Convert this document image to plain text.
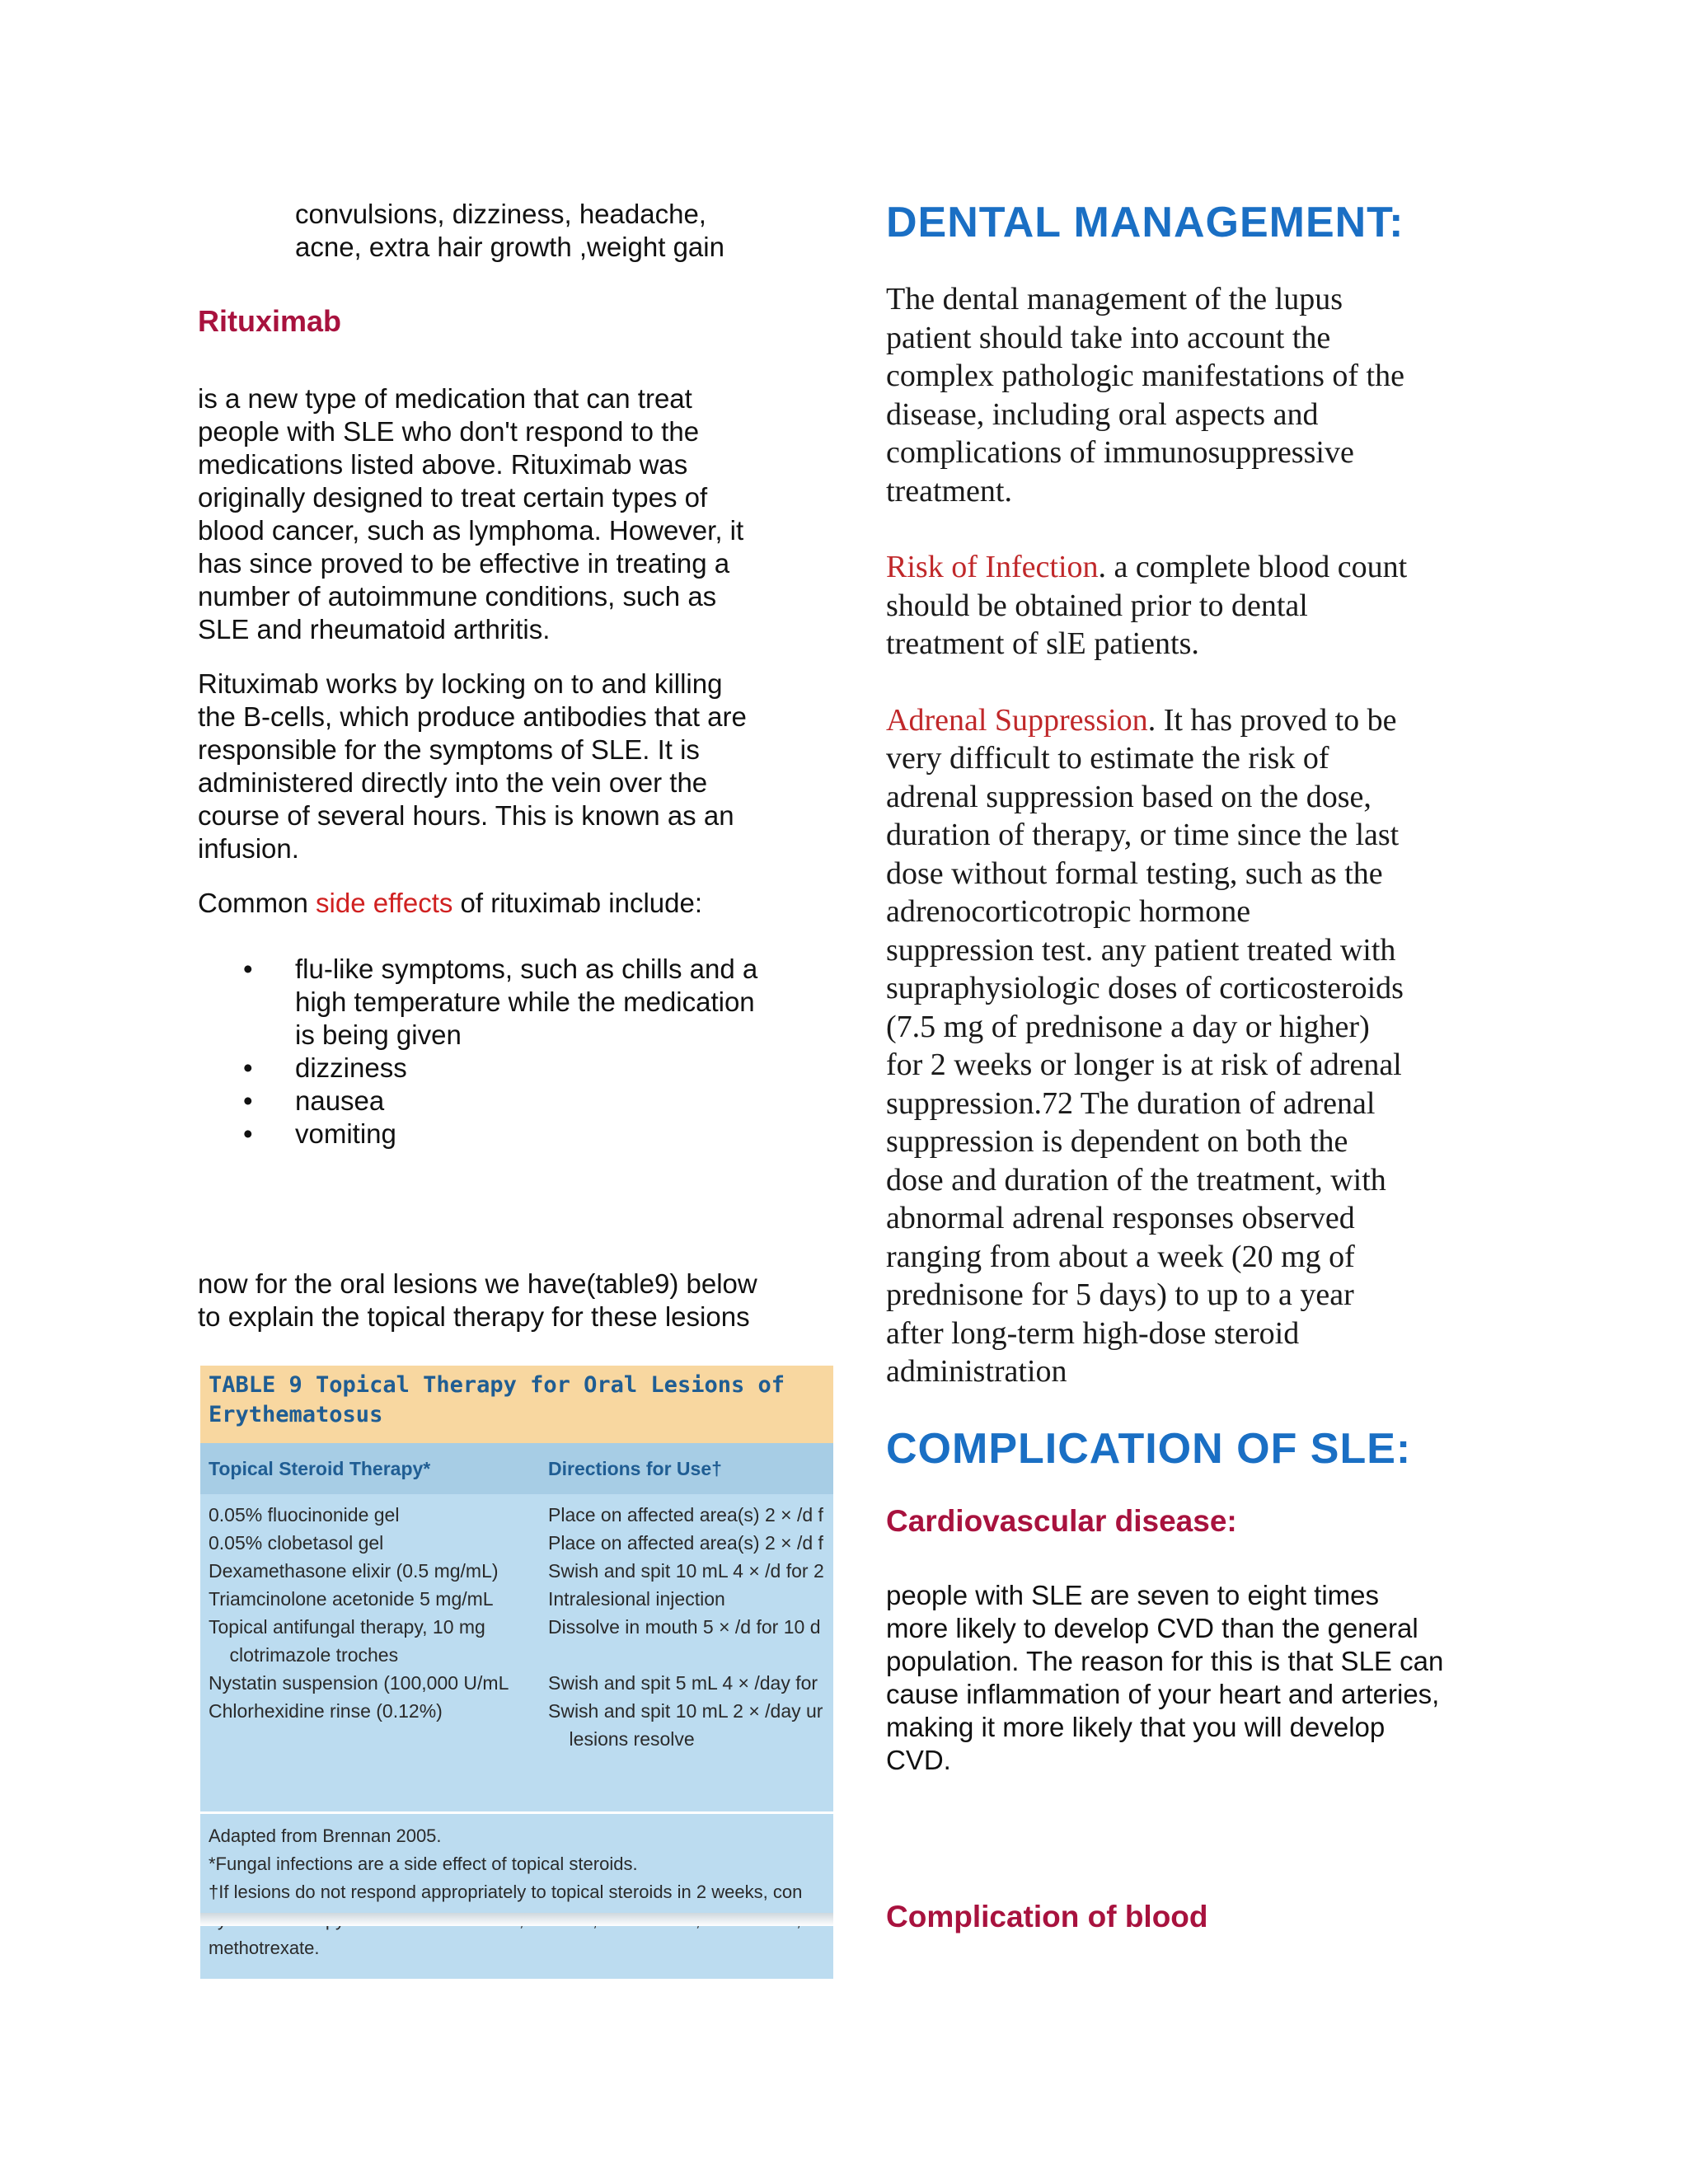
convulsions, dizziness, headache,
acne, extra hair growth ,weight gain
Rituximab
is a new type of medication that can treat
people with SLE who don't respond to the
medications listed above. Rituximab was
originally designed to treat certain types of
blood cancer, such as lymphoma. However, it
has since proved to be effective in treating a
number of autoimmune conditions, such as
SLE and rheumatoid arthritis.
Rituximab works by locking on to and killing
the B-cells, which produce antibodies that are
responsible for the symptoms of SLE. It is
administered directly into the vein over the
course of several hours. This is known as an
infusion.
Common side effects of rituximab include:
• flu-like symptoms, such as chills and a
high temperature while the medication
is being given
• dizziness
• nausea
• vomiting
now for the oral lesions we have(table9) below
to explain the topical therapy for these lesions
TABLE 9 Topical Therapy for Oral Lesions of
Erythematosus
Topical Steroid Therapy*	Directions for Use†
0.05% fluocinonide gel	Place on affected area(s) 2 × /d f
0.05% clobetasol gel	Place on affected area(s) 2 × /d f
Dexamethasone elixir (0.5 mg/mL)	Swish and spit 10 mL 4 × /d for 2
Triamcinolone acetonide 5 mg/mL	Intralesional injection
Topical antifungal therapy, 10 mg	Dissolve in mouth 5 × /d for 10 d
clotrimazole troches
Nystatin suspension (100,000 U/mL	Swish and spit 5 mL 4 × /day for
Chlorhexidine rinse (0.12%)	Swish and spit 10 mL 2 × /day ur
lesions resolve
Adapted from Brennan 2005.
*Fungal infections are a side effect of topical steroids.
†If lesions do not respond appropriately to topical steroids in 2 weeks, con
methotrexate.
DENTAL MANAGEMENT:
The dental management of the lupus
patient should take into account the
complex pathologic manifestations of the
disease, including oral aspects and
complications of immunosuppressive
treatment.
Risk of Infection. a complete blood count
should be obtained prior to dental
treatment of slE patients.
Adrenal Suppression. It has proved to be
very difficult to estimate the risk of
adrenal suppression based on the dose,
duration of therapy, or time since the last
dose without formal testing, such as the
adrenocorticotropic hormone
suppression test. any patient treated with
supraphysiologic doses of corticosteroids
(7.5 mg of prednisone a day or higher)
for 2 weeks or longer is at risk of adrenal
suppression.72 The duration of adrenal
suppression is dependent on both the
dose and duration of the treatment, with
abnormal adrenal responses observed
ranging from about a week (20 mg of
prednisone for 5 days) to up to a year
after long-term high-dose steroid
administration
COMPLICATION OF SLE:
Cardiovascular disease:
people with SLE are seven to eight times
more likely to develop CVD than the general
population. The reason for this is that SLE can
cause inflammation of your heart and arteries,
making it more likely that you will develop
CVD.
Complication of blood
